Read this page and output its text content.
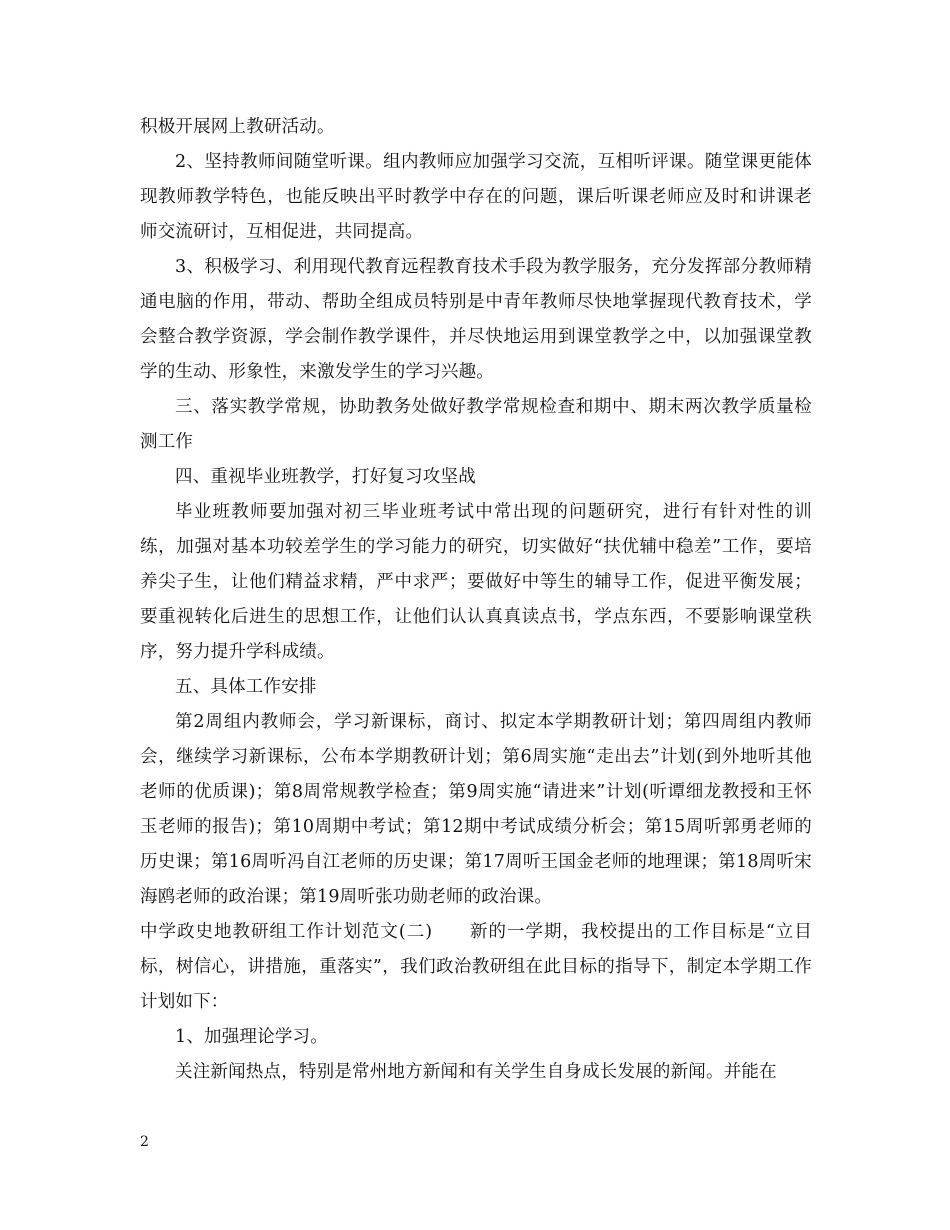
积极开展网上教研活动。

2、坚持教师间随堂听课。组内教师应加强学习交流，互相听评课。随堂课更能体现教师教学特色，也能反映出平时教学中存在的问题，课后听课老师应及时和讲课老师交流研讨，互相促进，共同提高。

3、积极学习、利用现代教育远程教育技术手段为教学服务，充分发挥部分教师精通电脑的作用，带动、帮助全组成员特别是中青年教师尽快地掌握现代教育技术，学会整合教学资源，学会制作教学课件，并尽快地运用到课堂教学之中，以加强课堂教学的生动、形象性，来激发学生的学习兴趣。

三、落实教学常规，协助教务处做好教学常规检查和期中、期末两次教学质量检测工作

四、重视毕业班教学，打好复习攻坚战

毕业班教师要加强对初三毕业班考试中常出现的问题研究，进行有针对性的训练，加强对基本功较差学生的学习能力的研究，切实做好“扶优辅中稳差”工作，要培养尖子生，让他们精益求精，严中求严；要做好中等生的辅导工作，促进平衡发展；要重视转化后进生的思想工作，让他们认认真真读点书，学点东西，不要影响课堂秩序，努力提升学科成绩。

五、具体工作安排

第2周组内教师会，学习新课标，商讨、拟定本学期教研计划；第四周组内教师会，继续学习新课标，公布本学期教研计划；第6周实施“走出去”计划(到外地听其他老师的优质课)；第8周常规教学检查；第9周实施“请进来”计划(听谭细龙教授和王怀玉老师的报告)；第10周期中考试；第12期中考试成绩分析会；第15周听郭勇老师的历史课；第16周听冯自江老师的历史课；第17周听王国金老师的地理课；第18周听宋海鸥老师的政治课；第19周听张功勋老师的政治课。

中学政史地教研组工作计划范文(二)　　新的一学期，我校提出的工作目标是“立目标，树信心，讲措施，重落实”，我们政治教研组在此目标的指导下，制定本学期工作计划如下：

1、加强理论学习。

关注新闻热点，特别是常州地方新闻和有关学生自身成长发展的新闻。并能在

2
